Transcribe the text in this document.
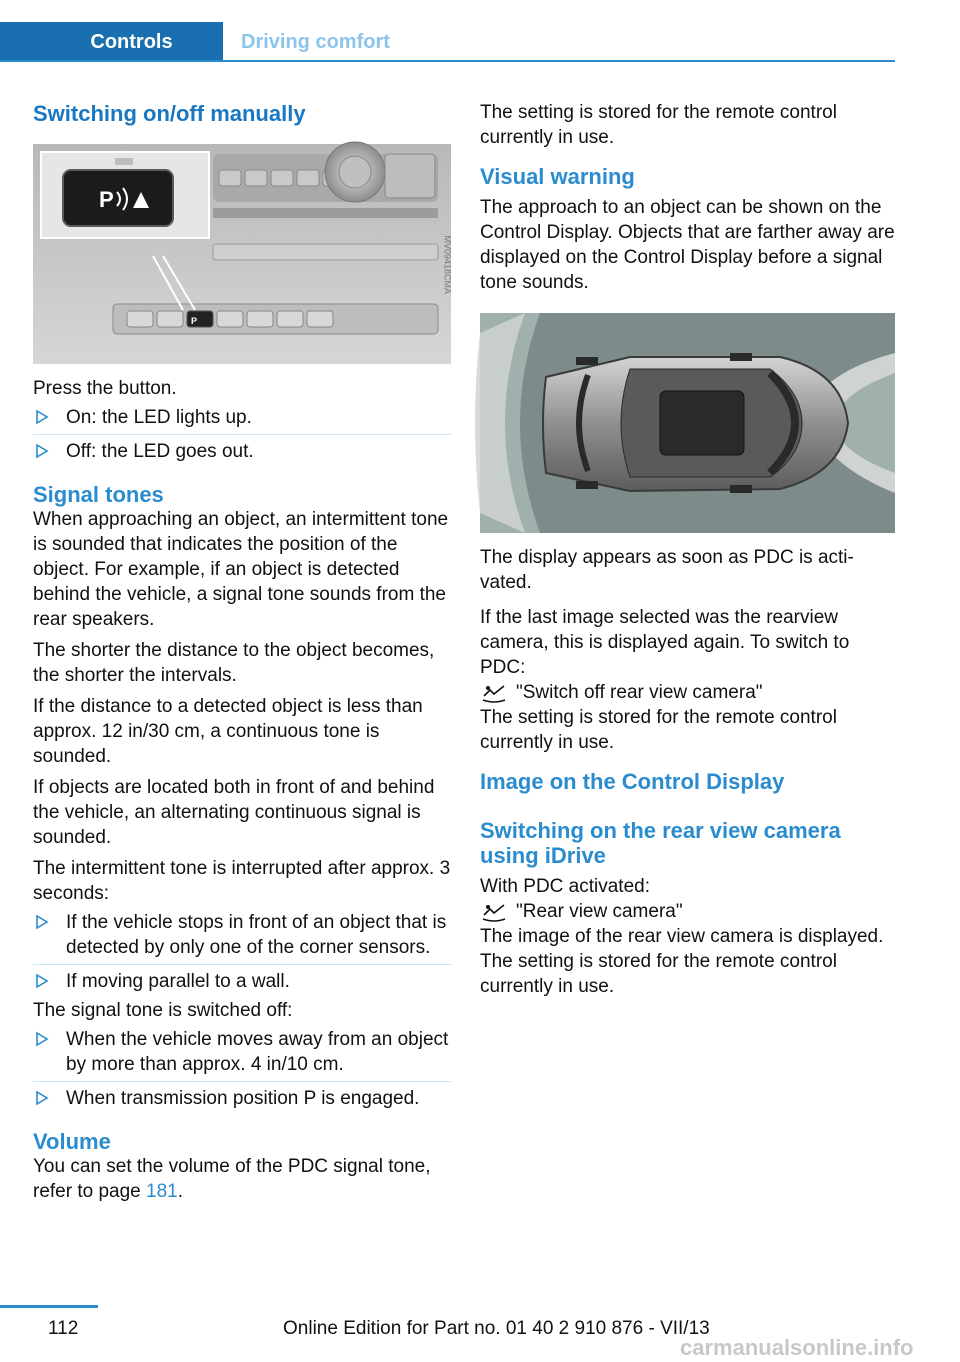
Controls	Driving comfort
Switching on/off manually
P
P
MV09418CMA

Press the button.

On: the LED lights up.
Off: the LED goes out.
Signal tones

When approaching an object, an intermittent tone is sounded that indicates the position of the object. For example, if an object is detected behind the vehicle, a signal tone sounds from the rear speakers.

The shorter the distance to the object becomes, the shorter the intervals.

If the distance to a detected object is less than approx. 12 in/30 cm, a continuous tone is sounded.

If objects are located both in front of and behind the vehicle, an alternating continuous signal is sounded.

The intermittent tone is interrupted after approx. 3 seconds:

If the vehicle stops in front of an object that is detected by only one of the corner sensors.
If moving parallel to a wall.

The signal tone is switched off:

When the vehicle moves away from an object by more than approx. 4 in/10 cm.
When transmission position P is engaged.
Volume

You can set the volume of the PDC signal tone, refer to page 181.

The setting is stored for the remote control currently in use.

Visual warning

The approach to an object can be shown on the Control Display. Objects that are farther away are displayed on the Control Display before a signal tone sounds.

The display appears as soon as PDC is activated.

If the last image selected was the rearview camera, this is displayed again. To switch to PDC:

"Switch off rear view camera"

The setting is stored for the remote control currently in use.

Image on the Control Display
Switching on the rear view camera using iDrive

With PDC activated:

"Rear view camera"

The image of the rear view camera is displayed. The setting is stored for the remote control currently in use.

112	Online Edition for Part no. 01 40 2 910 876 - VII/13
carmanualsonline.info
